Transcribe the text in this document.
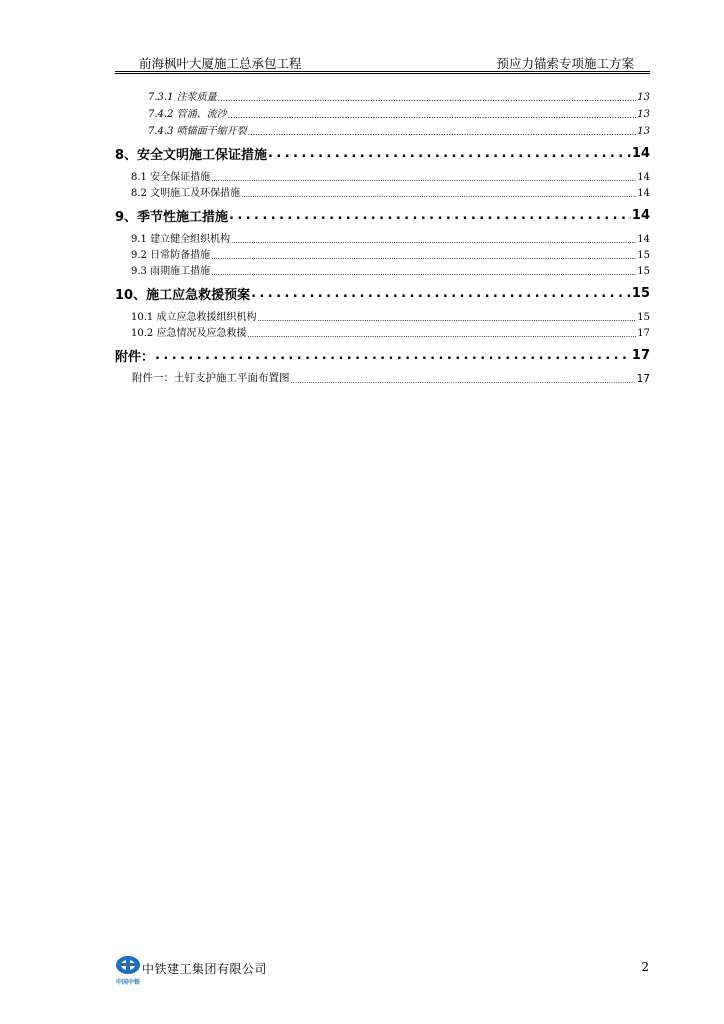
前海枫叶大厦施工总承包工程	预应力锚索专项施工方案
7.3.1 注浆质量 .....	13
7.4.2 管涌、流沙 .....	13
7.4.3 喷锚面干缩开裂 .....	13
8、安全文明施工保证措施 .....	14
8.1 安全保证措施 .....	14
8.2 文明施工及环保措施 .....	14
9、季节性施工措施 .....	14
9.1 建立健全组织机构 .....	14
9.2 日常防备措施 .....	15
9.3 雨期施工措施 .....	15
10、施工应急救援预案 .....	15
10.1 成立应急救援组织机构 .....	15
10.2 应急情况及应急救援 .....	17
附件： .....	17
附件一：土钉支护施工平面布置图 .....	17
中国中铁
中铁建工集团有限公司	2
